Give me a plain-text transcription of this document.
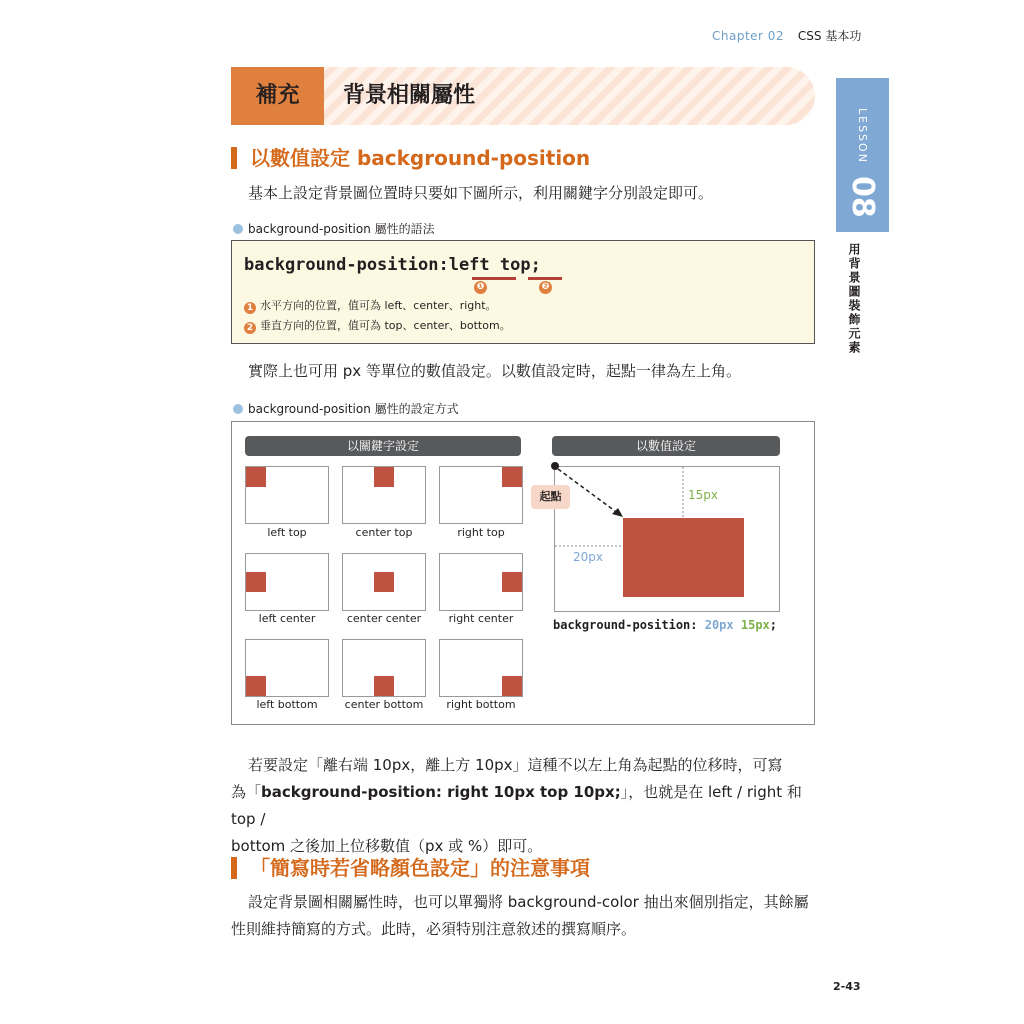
Chapter 02 CSS 基本功
補充	背景相關屬性
LESSON
08
用背景圖裝飾元素
以數值設定 background-position
基本上設定背景圖位置時只要如下圖所示，利用關鍵字分別設定即可。
background-position 屬性的語法
background-position:left top;
❶	❷
1 水平方向的位置，值可為 left、center、right。
2 垂直方向的位置，值可為 top、center、bottom。
實際上也可用 px 等單位的數值設定。以數值設定時，起點一律為左上角。
background-position 屬性的設定方式
以關鍵字設定	以數值設定
left top	center top	right top
left center	center center	right center
left bottom	center bottom	right bottom
起點	15px
20px
background-position: 20px 15px;
若要設定「離右端 10px，離上方 10px」這種不以左上角為起點的位移時，可寫
為「background-position: right 10px top 10px;」，也就是在 left / right 和 top /
bottom 之後加上位移數值（px 或 %）即可。
「簡寫時若省略顏色設定」的注意事項
設定背景圖相關屬性時，也可以單獨將 background-color 抽出來個別指定，其餘屬性則維持簡寫的方式。此時，必須特別注意敘述的撰寫順序。
2-43
